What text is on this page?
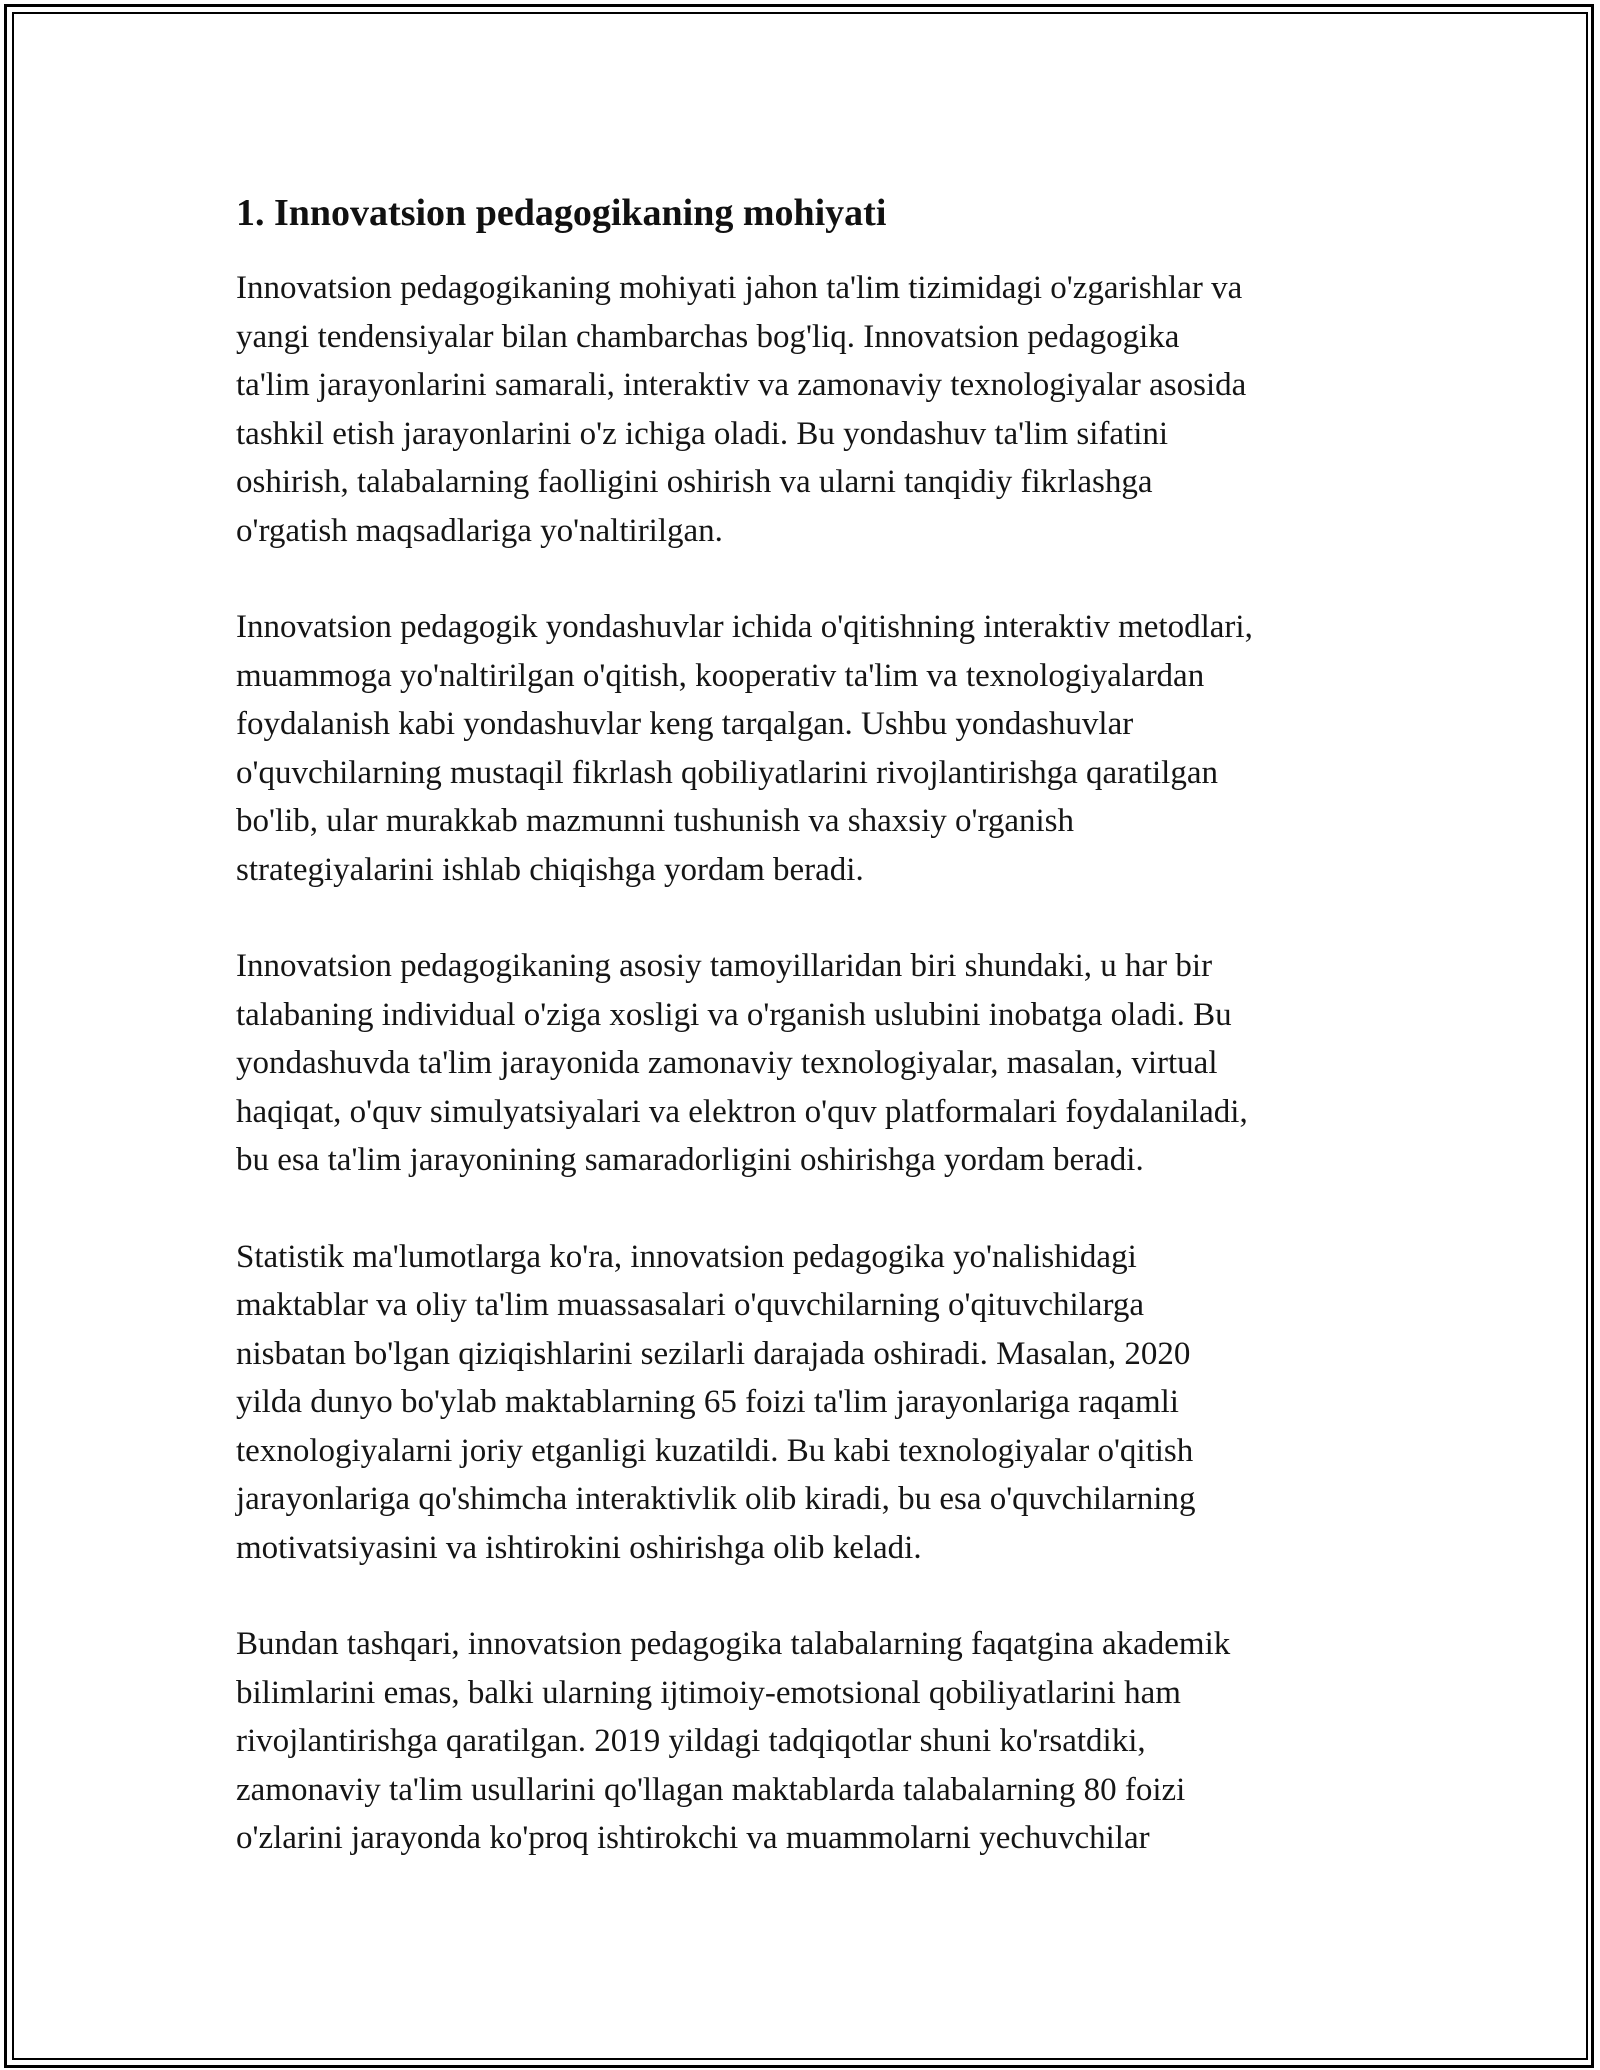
1. Innovatsion pedagogikaning mohiyati

Innovatsion pedagogikaning mohiyati jahon ta'lim tizimidagi o'zgarishlar va
yangi tendensiyalar bilan chambarchas bog'liq. Innovatsion pedagogika
ta'lim jarayonlarini samarali, interaktiv va zamonaviy texnologiyalar asosida
tashkil etish jarayonlarini o'z ichiga oladi. Bu yondashuv ta'lim sifatini
oshirish, talabalarning faolligini oshirish va ularni tanqidiy fikrlashga
o'rgatish maqsadlariga yo'naltirilgan.

Innovatsion pedagogik yondashuvlar ichida o'qitishning interaktiv metodlari,
muammoga yo'naltirilgan o'qitish, kooperativ ta'lim va texnologiyalardan
foydalanish kabi yondashuvlar keng tarqalgan. Ushbu yondashuvlar
o'quvchilarning mustaqil fikrlash qobiliyatlarini rivojlantirishga qaratilgan
bo'lib, ular murakkab mazmunni tushunish va shaxsiy o'rganish
strategiyalarini ishlab chiqishga yordam beradi.

Innovatsion pedagogikaning asosiy tamoyillaridan biri shundaki, u har bir
talabaning individual o'ziga xosligi va o'rganish uslubini inobatga oladi. Bu
yondashuvda ta'lim jarayonida zamonaviy texnologiyalar, masalan, virtual
haqiqat, o'quv simulyatsiyalari va elektron o'quv platformalari foydalaniladi,
bu esa ta'lim jarayonining samaradorligini oshirishga yordam beradi.

Statistik ma'lumotlarga ko'ra, innovatsion pedagogika yo'nalishidagi
maktablar va oliy ta'lim muassasalari o'quvchilarning o'qituvchilarga
nisbatan bo'lgan qiziqishlarini sezilarli darajada oshiradi. Masalan, 2020
yilda dunyo bo'ylab maktablarning 65 foizi ta'lim jarayonlariga raqamli
texnologiyalarni joriy etganligi kuzatildi. Bu kabi texnologiyalar o'qitish
jarayonlariga qo'shimcha interaktivlik olib kiradi, bu esa o'quvchilarning
motivatsiyasini va ishtirokini oshirishga olib keladi.

Bundan tashqari, innovatsion pedagogika talabalarning faqatgina akademik
bilimlarini emas, balki ularning ijtimoiy-emotsional qobiliyatlarini ham
rivojlantirishga qaratilgan. 2019 yildagi tadqiqotlar shuni ko'rsatdiki,
zamonaviy ta'lim usullarini qo'llagan maktablarda talabalarning 80 foizi
o'zlarini jarayonda ko'proq ishtirokchi va muammolarni yechuvchilar
